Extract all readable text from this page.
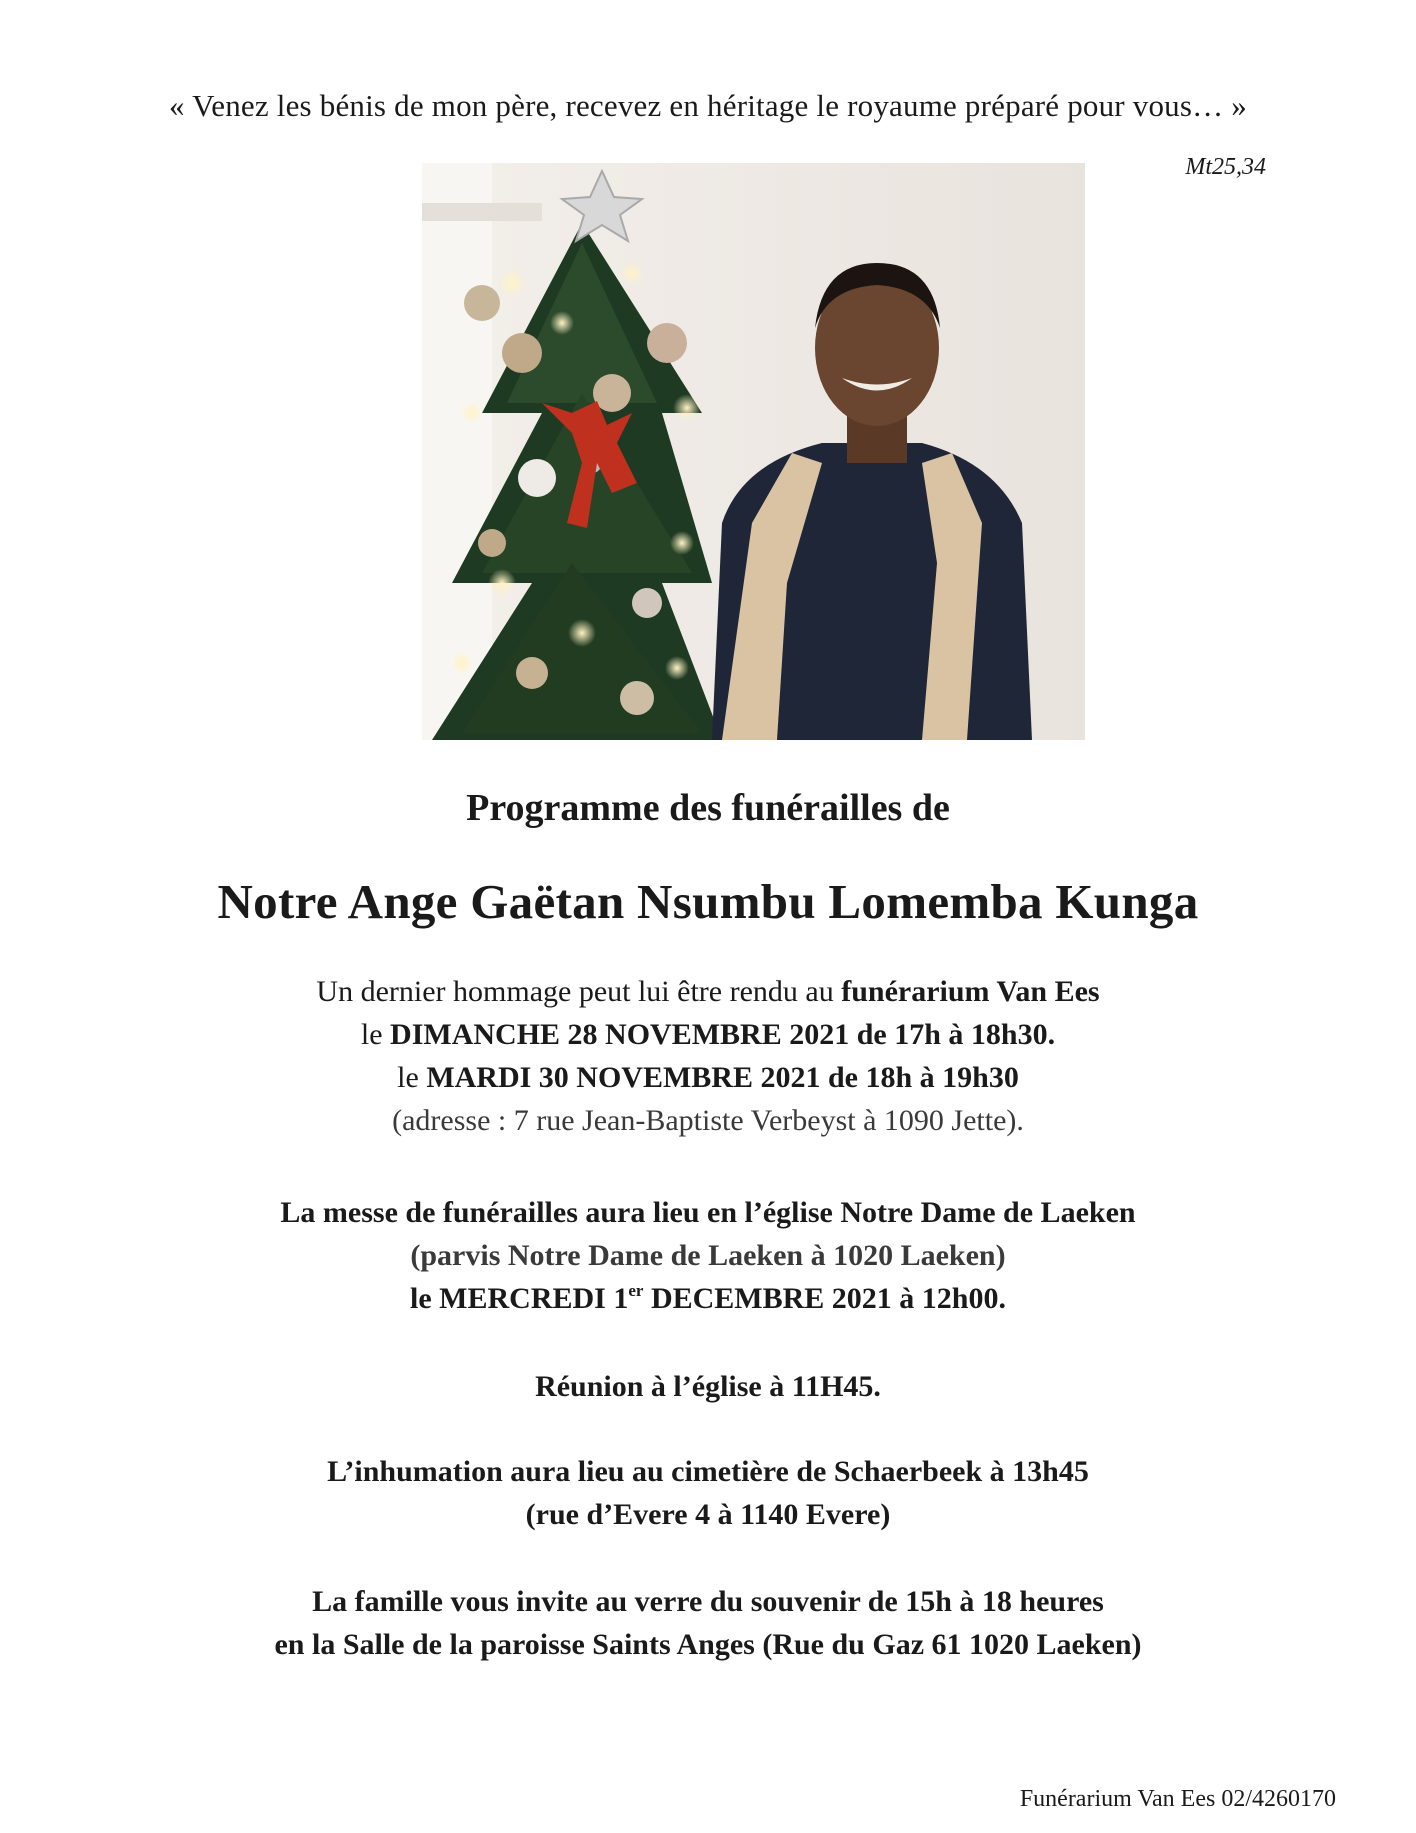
« Venez les bénis de mon père, recevez en héritage le royaume préparé pour vous… »
Mt25,34
Programme des funérailles de
Notre Ange Gaëtan Nsumbu Lomemba Kunga
Un dernier hommage peut lui être rendu au funérarium Van Ees
le DIMANCHE 28 NOVEMBRE 2021 de 17h à 18h30.
le MARDI 30 NOVEMBRE 2021 de 18h à 19h30
(adresse : 7 rue Jean-Baptiste Verbeyst à 1090 Jette).
La messe de funérailles aura lieu en l’église Notre Dame de Laeken
(parvis Notre Dame de Laeken à 1020 Laeken)
le MERCREDI 1er DECEMBRE 2021 à 12h00.
Réunion à l’église à 11H45.
L’inhumation aura lieu au cimetière de Schaerbeek à 13h45
(rue d’Evere 4 à 1140 Evere)
La famille vous invite au verre du souvenir de 15h à 18 heures
en la Salle de la paroisse Saints Anges (Rue du Gaz 61 1020 Laeken)
Funérarium Van Ees 02/4260170
